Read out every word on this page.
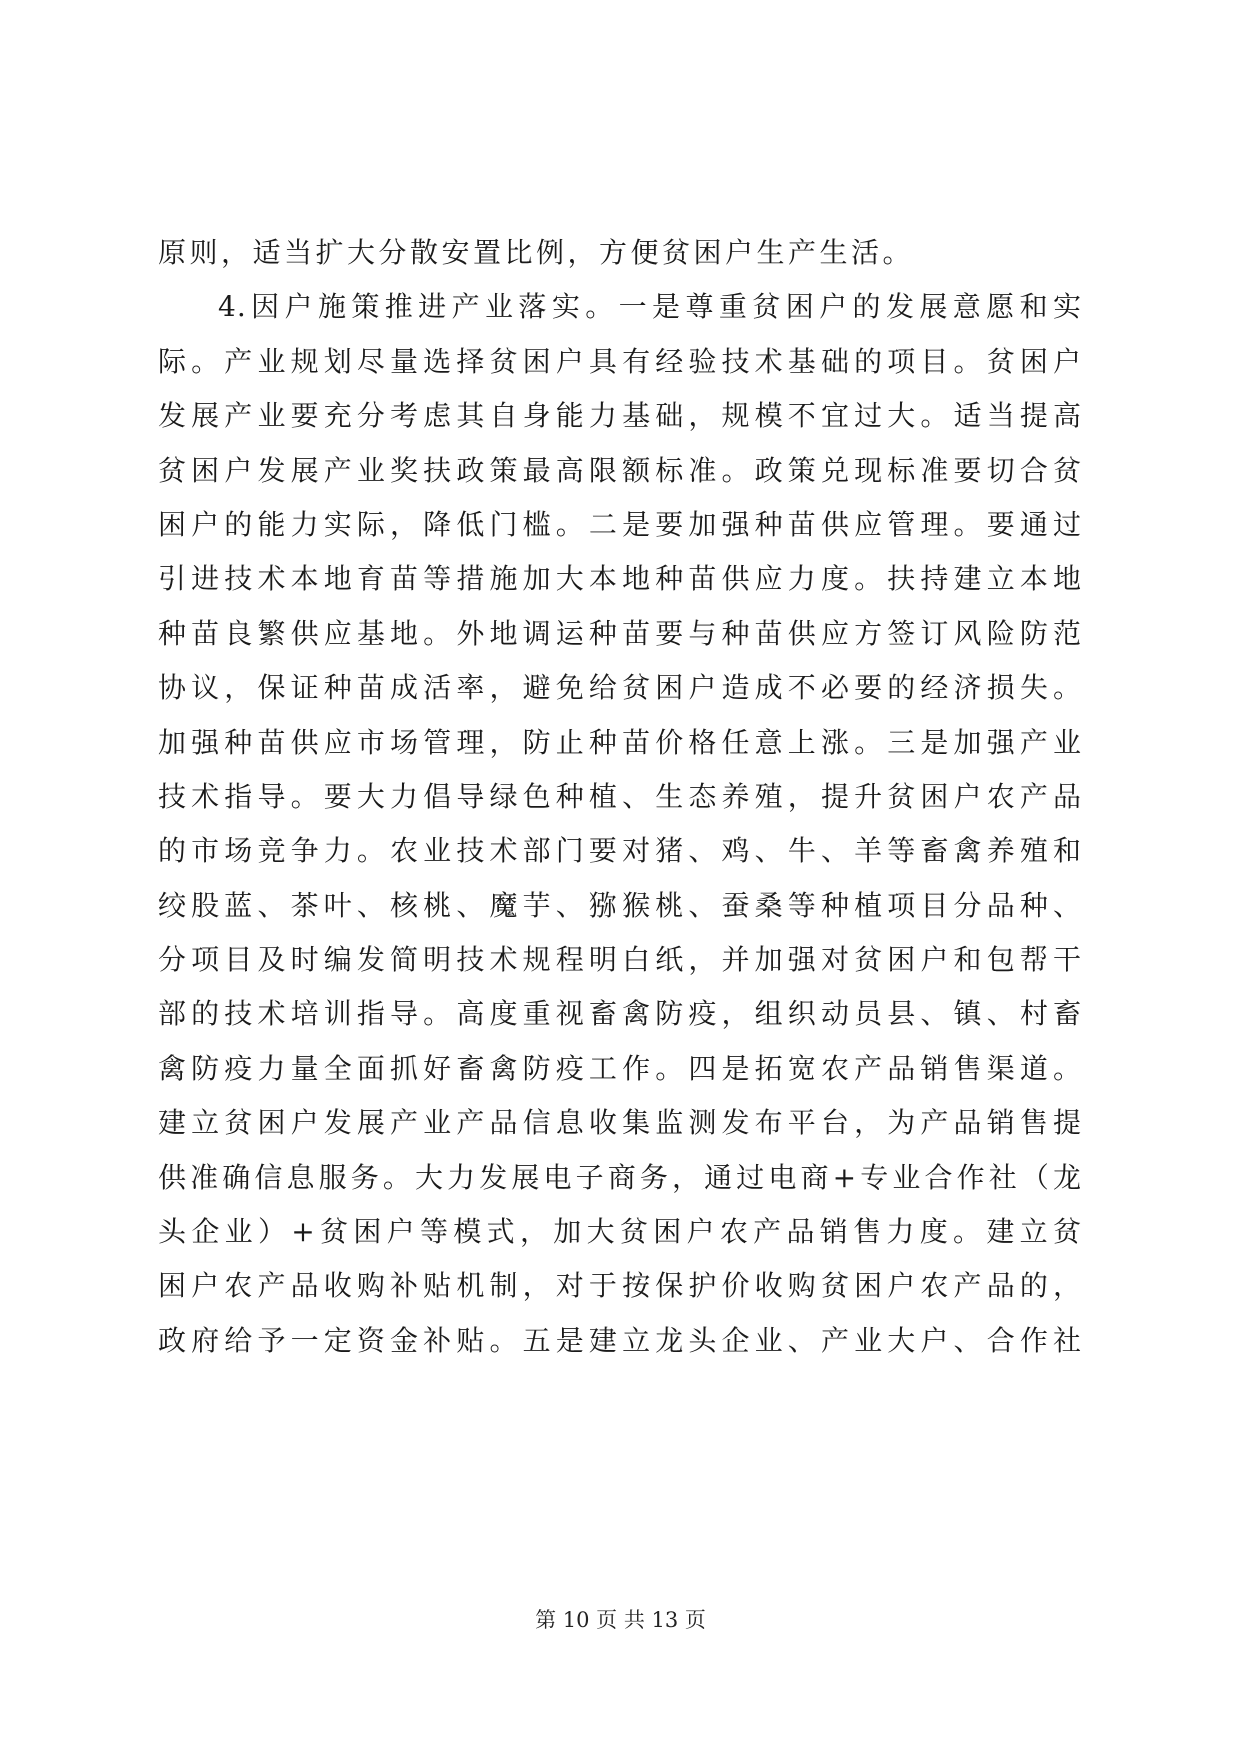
原则，适当扩大分散安置比例，方便贫困户生产生活。
4.因户施策推进产业落实。一是尊重贫困户的发展意愿和实
际。产业规划尽量选择贫困户具有经验技术基础的项目。贫困户
发展产业要充分考虑其自身能力基础，规模不宜过大。适当提高
贫困户发展产业奖扶政策最高限额标准。政策兑现标准要切合贫
困户的能力实际，降低门槛。二是要加强种苗供应管理。要通过
引进技术本地育苗等措施加大本地种苗供应力度。扶持建立本地
种苗良繁供应基地。外地调运种苗要与种苗供应方签订风险防范
协议，保证种苗成活率，避免给贫困户造成不必要的经济损失。
加强种苗供应市场管理，防止种苗价格任意上涨。三是加强产业
技术指导。要大力倡导绿色种植、生态养殖，提升贫困户农产品
的市场竞争力。农业技术部门要对猪、鸡、牛、羊等畜禽养殖和
绞股蓝、茶叶、核桃、魔芋、猕猴桃、蚕桑等种植项目分品种、
分项目及时编发简明技术规程明白纸，并加强对贫困户和包帮干
部的技术培训指导。高度重视畜禽防疫，组织动员县、镇、村畜
禽防疫力量全面抓好畜禽防疫工作。四是拓宽农产品销售渠道。
建立贫困户发展产业产品信息收集监测发布平台，为产品销售提
供准确信息服务。大力发展电子商务，通过电商+专业合作社（龙
头企业）+贫困户等模式，加大贫困户农产品销售力度。建立贫
困户农产品收购补贴机制，对于按保护价收购贫困户农产品的，
政府给予一定资金补贴。五是建立龙头企业、产业大户、合作社
第 10 页 共 13 页
